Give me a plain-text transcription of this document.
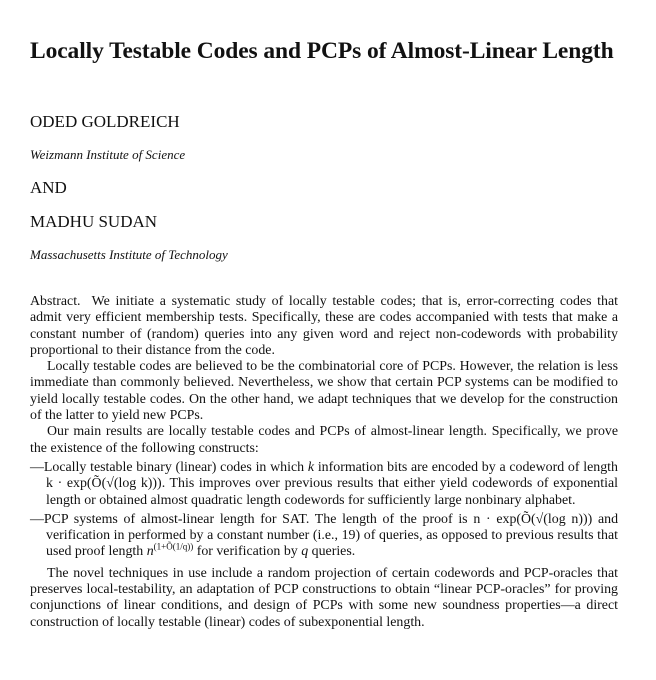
Locally Testable Codes and PCPs of Almost-Linear Length
ODED GOLDREICH
Weizmann Institute of Science
AND
MADHU SUDAN
Massachusetts Institute of Technology

Abstract. We initiate a systematic study of locally testable codes; that is, error-correcting codes that admit very efficient membership tests. Specifically, these are codes accompanied with tests that make a constant number of (random) queries into any given word and reject non-codewords with probability proportional to their distance from the code.

Locally testable codes are believed to be the combinatorial core of PCPs. However, the relation is less immediate than commonly believed. Nevertheless, we show that certain PCP systems can be modified to yield locally testable codes. On the other hand, we adapt techniques that we develop for the construction of the latter to yield new PCPs.

Our main results are locally testable codes and PCPs of almost-linear length. Specifically, we prove the existence of the following constructs:

—Locally testable binary (linear) codes in which k information bits are encoded by a codeword of length k · exp(Õ(√(log k))). This improves over previous results that either yield codewords of exponential length or obtained almost quadratic length codewords for sufficiently large nonbinary alphabet.

—PCP systems of almost-linear length for SAT. The length of the proof is n · exp(Õ(√(log n))) and verification in performed by a constant number (i.e., 19) of queries, as opposed to previous results that used proof length $n^{(1+Õ(1/q))}$ for verification by q queries.

The novel techniques in use include a random projection of certain codewords and PCP-oracles that preserves local-testability, an adaptation of PCP constructions to obtain “linear PCP-oracles” for proving conjunctions of linear conditions, and design of PCPs with some new soundness properties—a direct construction of locally testable (linear) codes of subexponential length.
